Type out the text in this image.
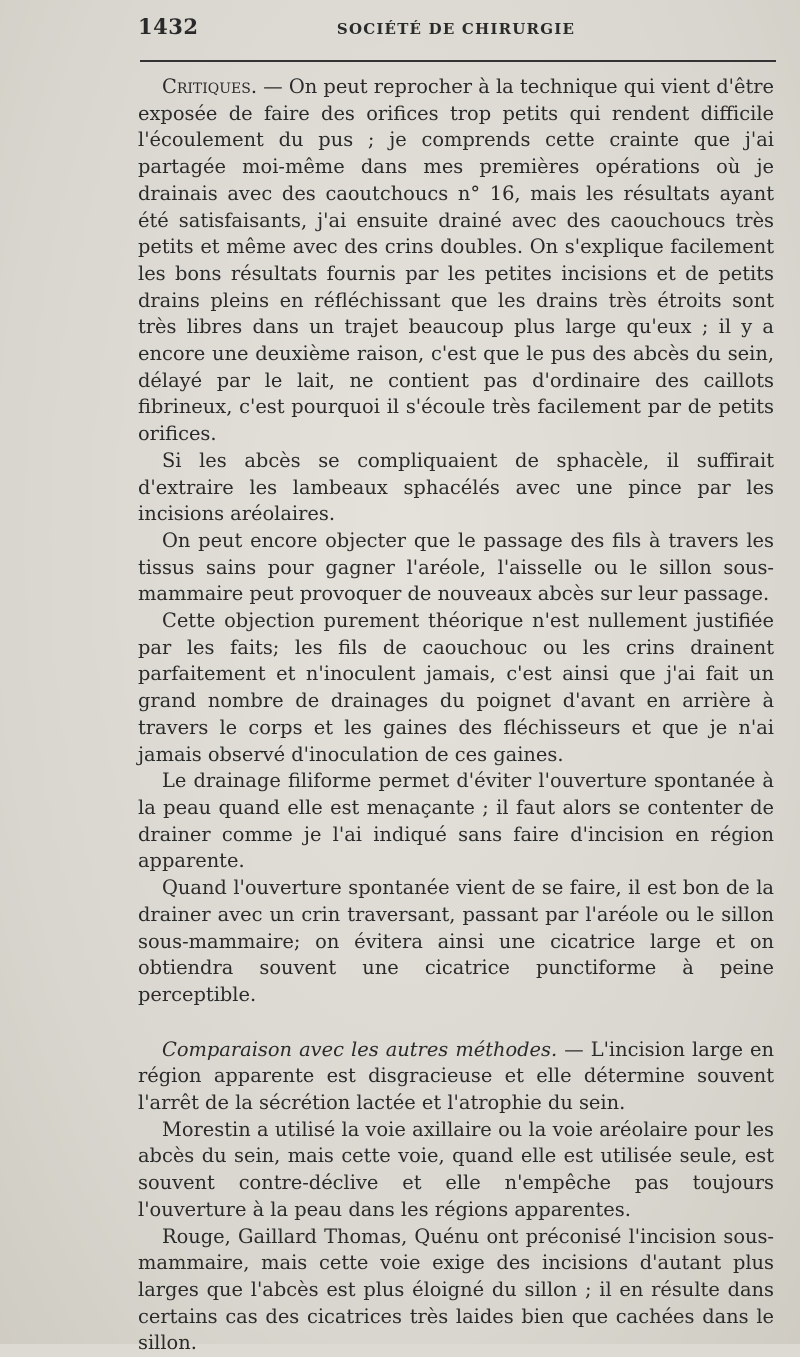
1432	SOCIÉTÉ DE CHIRURGIE

Critiques. — On peut reprocher à la technique qui vient d'être exposée de faire des orifices trop petits qui rendent difficile l'écoulement du pus ; je comprends cette crainte que j'ai partagée moi-même dans mes premières opérations où je drainais avec des caoutchoucs n° 16, mais les résultats ayant été satisfaisants, j'ai ensuite drainé avec des caouchoucs très petits et même avec des crins doubles. On s'explique facilement les bons résultats fournis par les petites incisions et de petits drains pleins en réfléchissant que les drains très étroits sont très libres dans un trajet beaucoup plus large qu'eux ; il y a encore une deuxième raison, c'est que le pus des abcès du sein, délayé par le lait, ne contient pas d'ordinaire des caillots fibrineux, c'est pourquoi il s'écoule très facilement par de petits orifices.

Si les abcès se compliquaient de sphacèle, il suffirait d'extraire les lambeaux sphacélés avec une pince par les incisions aréolaires.

On peut encore objecter que le passage des fils à travers les tissus sains pour gagner l'aréole, l'aisselle ou le sillon sous-mammaire peut provoquer de nouveaux abcès sur leur passage.

Cette objection purement théorique n'est nullement justifiée par les faits; les fils de caouchouc ou les crins drainent parfaitement et n'inoculent jamais, c'est ainsi que j'ai fait un grand nombre de drainages du poignet d'avant en arrière à travers le corps et les gaines des fléchisseurs et que je n'ai jamais observé d'inoculation de ces gaines.

Le drainage filiforme permet d'éviter l'ouverture spontanée à la peau quand elle est menaçante ; il faut alors se contenter de drainer comme je l'ai indiqué sans faire d'incision en région apparente.

Quand l'ouverture spontanée vient de se faire, il est bon de la drainer avec un crin traversant, passant par l'aréole ou le sillon sous-mammaire; on évitera ainsi une cicatrice large et on obtiendra souvent une cicatrice punctiforme à peine perceptible.

Comparaison avec les autres méthodes. — L'incision large en région apparente est disgracieuse et elle détermine souvent l'arrêt de la sécrétion lactée et l'atrophie du sein.

Morestin a utilisé la voie axillaire ou la voie aréolaire pour les abcès du sein, mais cette voie, quand elle est utilisée seule, est souvent contre-déclive et elle n'empêche pas toujours l'ouverture à la peau dans les régions apparentes.

Rouge, Gaillard Thomas, Quénu ont préconisé l'incision sous-mammaire, mais cette voie exige des incisions d'autant plus larges que l'abcès est plus éloigné du sillon ; il en résulte dans certains cas des cicatrices très laides bien que cachées dans le sillon.
